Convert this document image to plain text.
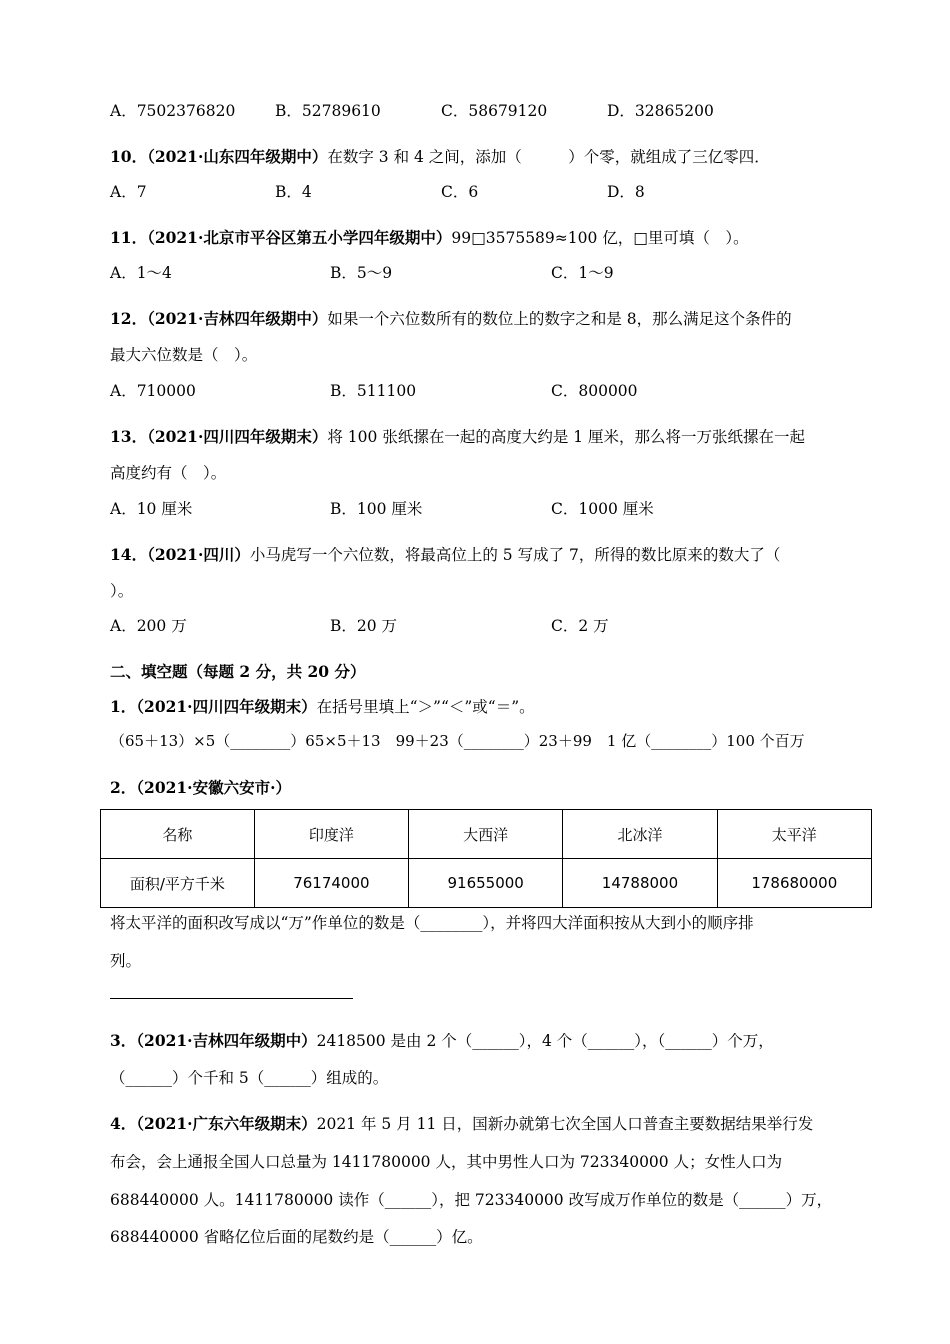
A．7502376820	B．52789610	C．58679120	D．32865200
10．（2021·山东四年级期中）在数字 3 和 4 之间，添加（　　　）个零，就组成了三亿零四．
A．7	B．4	C．6	D．8
11．（2021·北京市平谷区第五小学四年级期中）99□3575589≈100 亿，□里可填（　）。
A．1～4	B．5～9	C．1～9
12．（2021·吉林四年级期中）如果一个六位数所有的数位上的数字之和是 8，那么满足这个条件的
最大六位数是（　）。
A．710000	B．511100	C．800000
13．（2021·四川四年级期末）将 100 张纸摞在一起的高度大约是 1 厘米，那么将一万张纸摞在一起
高度约有（　）。
A．10 厘米	B．100 厘米	C．1000 厘米
14．（2021·四川）小马虎写一个六位数，将最高位上的 5 写成了 7，所得的数比原来的数大了（
）。
A．200 万	B．20 万	C．2 万
二、填空题（每题 2 分，共 20 分）
1．（2021·四川四年级期末）在括号里填上“＞”“＜”或“＝”。
（65＋13）×5（________）65×5＋13　99＋23（________）23＋99　1 亿（________）100 个百万
2．（2021·安徽六安市·）
名称	印度洋	大西洋	北冰洋	太平洋
面积/平方千米	76174000	91655000	14788000	178680000
将太平洋的面积改写成以“万”作单位的数是（________），并将四大洋面积按从大到小的顺序排
列。
3．（2021·吉林四年级期中）2418500 是由 2 个（______），4 个（______），（______）个万，
（______）个千和 5（______）组成的。
4．（2021·广东六年级期末）2021 年 5 月 11 日，国新办就第七次全国人口普查主要数据结果举行发
布会，会上通报全国人口总量为 1411780000 人，其中男性人口为 723340000 人；女性人口为
688440000 人。1411780000 读作（______），把 723340000 改写成万作单位的数是（______）万，
688440000 省略亿位后面的尾数约是（______）亿。
